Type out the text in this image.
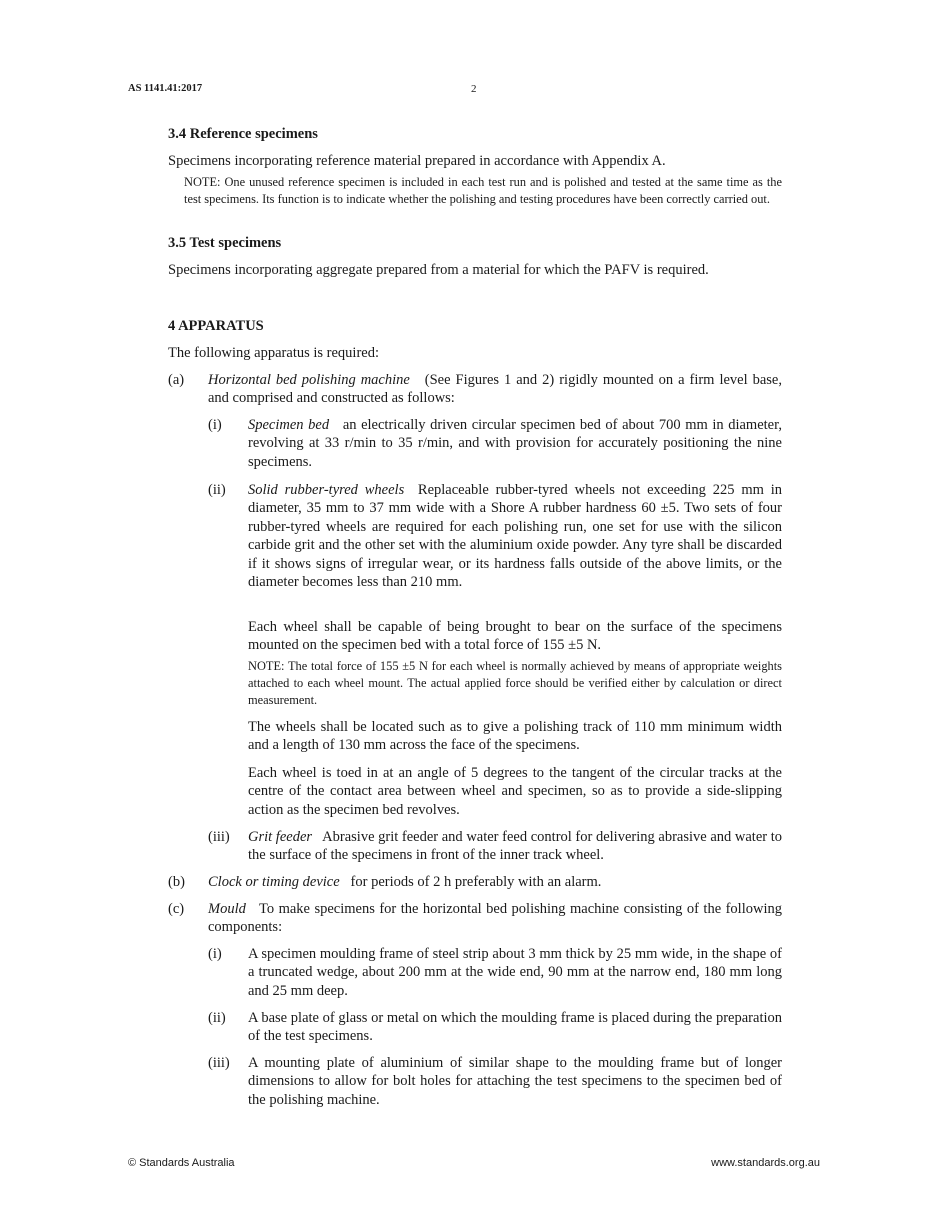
AS 1141.41:2017	2
3.4 Reference specimens
Specimens incorporating reference material prepared in accordance with Appendix A.
NOTE: One unused reference specimen is included in each test run and is polished and tested at the same time as the test specimens. Its function is to indicate whether the polishing and testing procedures have been correctly carried out.
3.5 Test specimens
Specimens incorporating aggregate prepared from a material for which the PAFV is required.
4 APPARATUS
The following apparatus is required:
(a) Horizontal bed polishing machine (See Figures 1 and 2) rigidly mounted on a firm level base, and comprised and constructed as follows:
(i) Specimen bed an electrically driven circular specimen bed of about 700 mm in diameter, revolving at 33 r/min to 35 r/min, and with provision for accurately positioning the nine specimens.
(ii) Solid rubber-tyred wheels Replaceable rubber-tyred wheels not exceeding 225 mm in diameter, 35 mm to 37 mm wide with a Shore A rubber hardness 60 ±5. Two sets of four rubber-tyred wheels are required for each polishing run, one set for use with the silicon carbide grit and the other set with the aluminium oxide powder. Any tyre shall be discarded if it shows signs of irregular wear, or its hardness falls outside of the above limits, or the diameter becomes less than 210 mm.
Each wheel shall be capable of being brought to bear on the surface of the specimens mounted on the specimen bed with a total force of 155 ±5 N.
NOTE: The total force of 155 ±5 N for each wheel is normally achieved by means of appropriate weights attached to each wheel mount. The actual applied force should be verified either by calculation or direct measurement.
The wheels shall be located such as to give a polishing track of 110 mm minimum width and a length of 130 mm across the face of the specimens.
Each wheel is toed in at an angle of 5 degrees to the tangent of the circular tracks at the centre of the contact area between wheel and specimen, so as to provide a side-slipping action as the specimen bed revolves.
(iii) Grit feeder Abrasive grit feeder and water feed control for delivering abrasive and water to the surface of the specimens in front of the inner track wheel.
(b) Clock or timing device for periods of 2 h preferably with an alarm.
(c) Mould To make specimens for the horizontal bed polishing machine consisting of the following components:
(i) A specimen moulding frame of steel strip about 3 mm thick by 25 mm wide, in the shape of a truncated wedge, about 200 mm at the wide end, 90 mm at the narrow end, 180 mm long and 25 mm deep.
(ii) A base plate of glass or metal on which the moulding frame is placed during the preparation of the test specimens.
(iii) A mounting plate of aluminium of similar shape to the moulding frame but of longer dimensions to allow for bolt holes for attaching the test specimens to the specimen bed of the polishing machine.
© Standards Australia	www.standards.org.au
